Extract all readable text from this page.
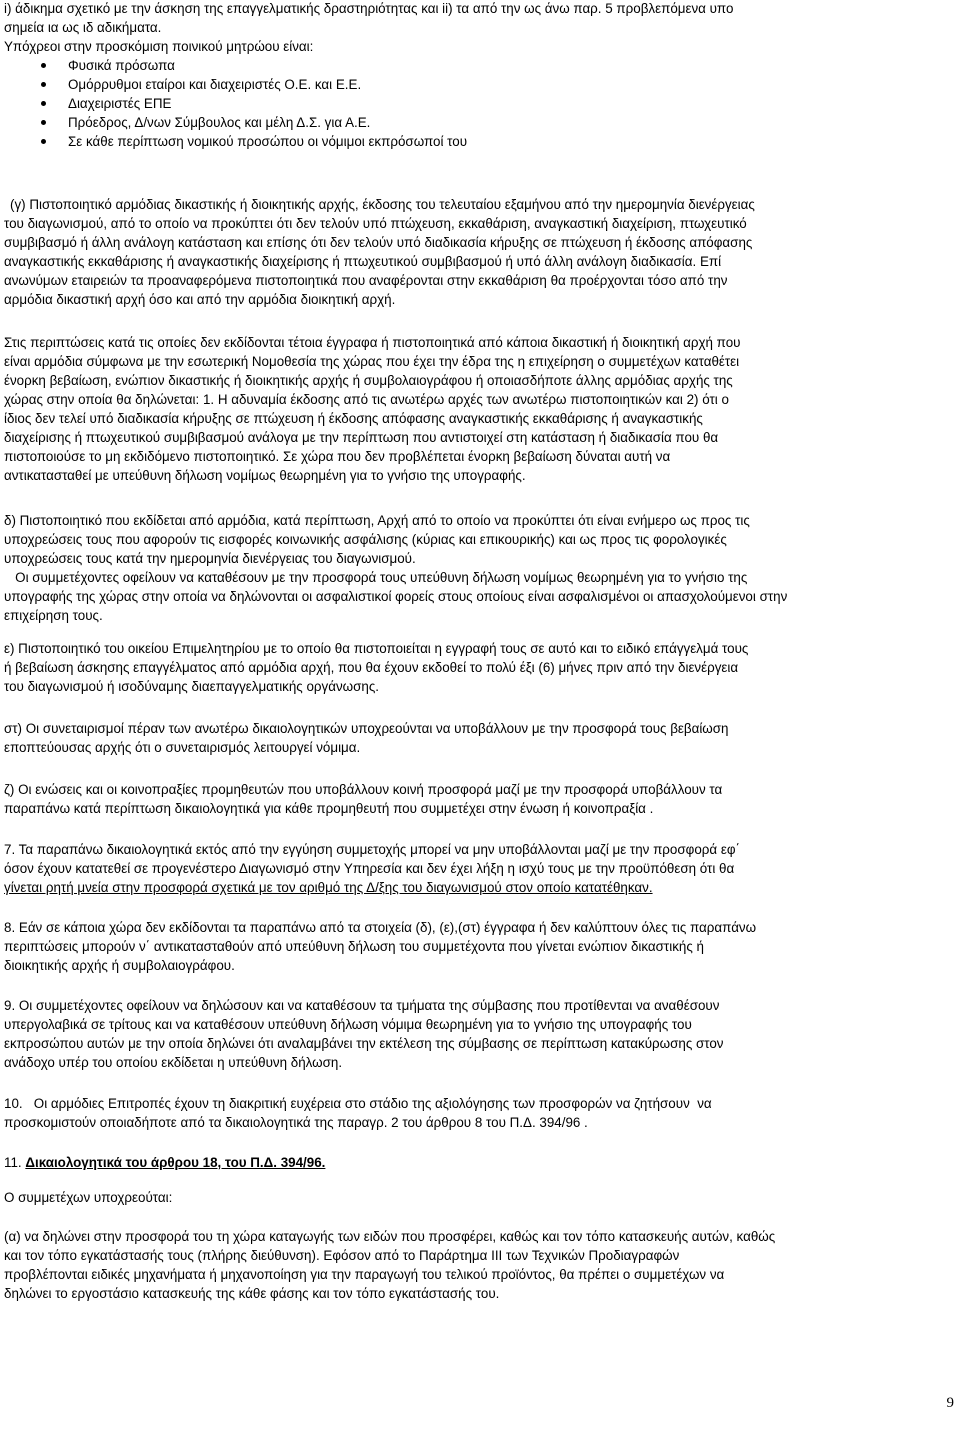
i) άδικημα σχετικό με την άσκηση της επαγγελματικής δραστηριότητας και ii) τα από την ως άνω παρ. 5 προβλεπόμενα υπο

σημεία ια ως ιδ αδικήματα.

Υπόχρεοι στην προσκόμιση ποινικού μητρώου είναι:

Φυσικά πρόσωπα
Ομόρρυθμοι εταίροι και διαχειριστές Ο.Ε. και Ε.Ε.
Διαχειριστές ΕΠΕ
Πρόεδρος, Δ/νων Σύμβουλος και μέλη Δ.Σ. για Α.Ε.
Σε κάθε περίπτωση νομικού προσώπου οι νόμιμοι εκπρόσωποί του

(γ) Πιστοποιητικό αρμόδιας δικαστικής ή διοικητικής αρχής, έκδοσης του τελευταίου εξαμήνου από την ημερομηνία διενέργειας

του διαγωνισμού, από το οποίο να προκύπτει ότι δεν τελούν υπό πτώχευση, εκκαθάριση, αναγκαστική διαχείριση, πτωχευτικό

συμβιβασμό ή άλλη ανάλογη κατάσταση και επίσης ότι δεν τελούν υπό διαδικασία κήρυξης σε πτώχευση ή έκδοσης απόφασης

αναγκαστικής εκκαθάρισης ή αναγκαστικής διαχείρισης ή πτωχευτικού συμβιβασμού ή υπό άλλη ανάλογη διαδικασία. Επί

ανωνύμων εταιρειών τα προαναφερόμενα πιστοποιητικά που αναφέρονται στην εκκαθάριση θα προέρχονται τόσο από την

αρμόδια δικαστική αρχή όσο και από την αρμόδια διοικητική αρχή.

Στις περιπτώσεις κατά τις οποίες δεν εκδίδονται τέτοια έγγραφα ή πιστοποιητικά από κάποια δικαστική ή διοικητική αρχή που

είναι αρμόδια σύμφωνα με την εσωτερική Νομοθεσία της χώρας που έχει την έδρα της η επιχείρηση ο συμμετέχων καταθέτει

ένορκη βεβαίωση, ενώπιον δικαστικής ή διοικητικής αρχής ή συμβολαιογράφου ή οποιασδήποτε άλλης αρμόδιας αρχής της

χώρας στην οποία θα δηλώνεται: 1. Η αδυναμία έκδοσης από τις ανωτέρω αρχές των ανωτέρω πιστοποιητικών και 2) ότι ο

ίδιος δεν τελεί υπό διαδικασία κήρυξης σε πτώχευση ή έκδοσης απόφασης αναγκαστικής εκκαθάρισης ή αναγκαστικής

διαχείρισης ή πτωχευτικού συμβιβασμού ανάλογα με την περίπτωση που αντιστοιχεί στη κατάσταση ή διαδικασία που θα

πιστοποιούσε το μη εκδιδόμενο πιστοποιητικό. Σε χώρα που δεν προβλέπεται ένορκη βεβαίωση δύναται αυτή να

αντικατασταθεί με υπεύθυνη δήλωση νομίμως θεωρημένη για το γνήσιο της υπογραφής.

δ) Πιστοποιητικό που εκδίδεται από αρμόδια, κατά περίπτωση, Αρχή από το οποίο να προκύπτει ότι είναι ενήμερο ως προς τις

υποχρεώσεις τους που αφορούν τις εισφορές κοινωνικής ασφάλισης (κύριας και επικουρικής) και ως προς τις φορολογικές

υποχρεώσεις τους κατά την ημερομηνία διενέργειας του διαγωνισμού.

Οι συμμετέχοντες οφείλουν να καταθέσουν με την προσφορά τους υπεύθυνη δήλωση νομίμως θεωρημένη για το γνήσιο της

υπογραφής της χώρας στην οποία να δηλώνονται οι ασφαλιστικοί φορείς στους οποίους είναι ασφαλισμένοι οι απασχολούμενοι στην

επιχείρηση τους.

ε) Πιστοποιητικό του οικείου Επιμελητηρίου με το οποίο θα πιστοποιείται η εγγραφή τους σε αυτό και το ειδικό επάγγελμά τους

ή βεβαίωση άσκησης επαγγέλματος από αρμόδια αρχή, που θα έχουν εκδοθεί το πολύ έξι (6) μήνες πριν από την διενέργεια

του διαγωνισμού ή ισοδύναμης διαεπαγγελματικής οργάνωσης.

στ) Οι συνεταιρισμοί πέραν των ανωτέρω δικαιολογητικών υποχρεούνται να υποβάλλουν με την προσφορά τους βεβαίωση

εποπτεύουσας αρχής ότι ο συνεταιρισμός λειτουργεί νόμιμα.

ζ) Οι ενώσεις και οι κοινοπραξίες προμηθευτών που υποβάλλουν κοινή προσφορά μαζί με την προσφορά υποβάλλουν τα

παραπάνω κατά περίπτωση δικαιολογητικά για κάθε προμηθευτή που συμμετέχει στην ένωση ή κοινοπραξία .

7. Τα παραπάνω δικαιολογητικά εκτός από την εγγύηση συμμετοχής μπορεί να μην υποβάλλονται μαζί με την προσφορά εφ΄

όσον έχουν κατατεθεί σε προγενέστερο Διαγωνισμό στην Υπηρεσία και δεν έχει λήξη η ισχύ τους με την προϋπόθεση ότι θα

γίνεται ρητή μνεία στην προσφορά σχετικά με τον αριθμό της Δ/ξης του διαγωνισμού στον οποίο κατατέθηκαν.

8. Εάν σε κάποια χώρα δεν εκδίδονται τα παραπάνω από τα στοιχεία (δ), (ε),(στ) έγγραφα ή δεν καλύπτουν όλες τις παραπάνω

περιπτώσεις μπορούν ν΄ αντικατασταθούν από υπεύθυνη δήλωση του συμμετέχοντα που γίνεται ενώπιον δικαστικής ή

διοικητικής αρχής ή συμβολαιογράφου.

9. Οι συμμετέχοντες οφείλουν να δηλώσουν και να καταθέσουν τα τμήματα της σύμβασης που προτίθενται να αναθέσουν

υπεργολαβικά σε τρίτους και να καταθέσουν υπεύθυνη δήλωση νόμιμα θεωρημένη για το γνήσιο της υπογραφής του

εκπροσώπου αυτών με την οποία δηλώνει ότι αναλαμβάνει την εκτέλεση της σύμβασης σε περίπτωση κατακύρωσης στον

ανάδοχο υπέρ του οποίου εκδίδεται η υπεύθυνη δήλωση.

10.   Οι αρμόδιες Επιτροπές έχουν τη διακριτική ευχέρεια στο στάδιο της αξιολόγησης των προσφορών να ζητήσουν  να

προσκομιστούν οποιαδήποτε από τα δικαιολογητικά της παραγρ. 2 του άρθρου 8 του Π.Δ. 394/96 .

11. Δικαιολογητικά του άρθρου 18, του Π.Δ. 394/96.

Ο συμμετέχων υποχρεούται:

(α) να δηλώνει στην προσφορά του τη χώρα καταγωγής των ειδών που προσφέρει, καθώς και τον τόπο κατασκευής αυτών, καθώς

και τον τόπο εγκατάστασής τους (πλήρης διεύθυνση). Εφόσον από το Παράρτημα ΙΙΙ των Τεχνικών Προδιαγραφών

προβλέπονται ειδικές μηχανήματα ή μηχανοποίηση για την παραγωγή του τελικού προϊόντος, θα πρέπει ο συμμετέχων να

δηλώνει το εργοστάσιο κατασκευής της κάθε φάσης και τον τόπο εγκατάστασής του.

9
